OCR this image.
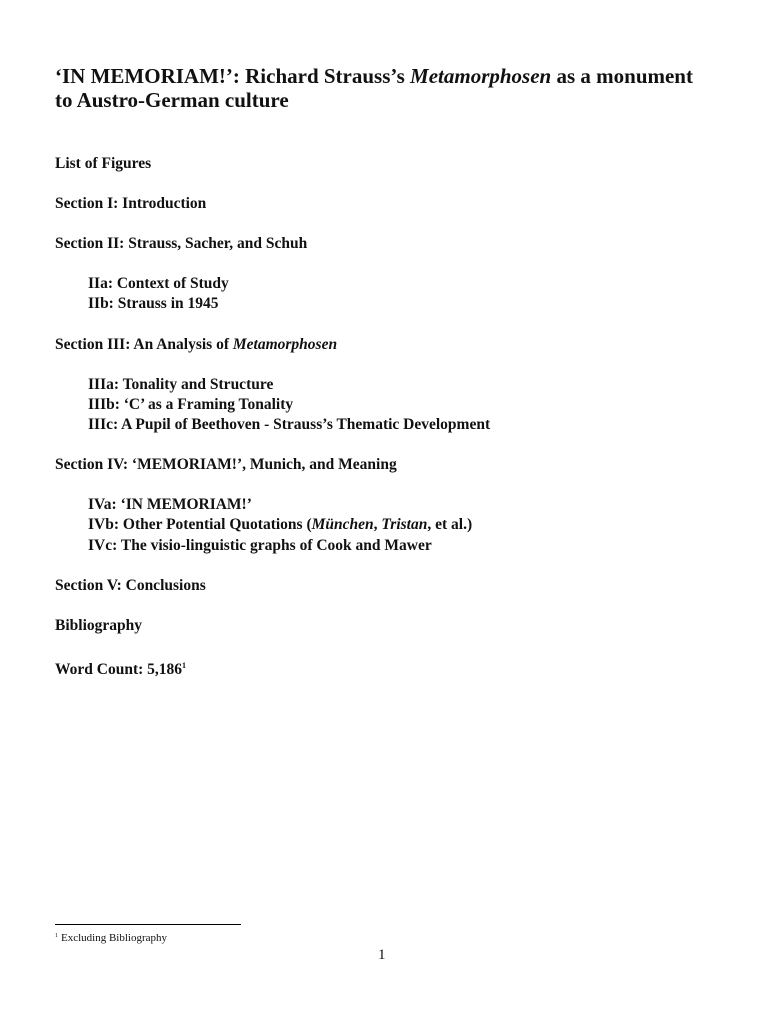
‘IN MEMORIAM!’: Richard Strauss’s Metamorphosen as a monument to Austro-German culture
List of Figures
Section I: Introduction
Section II: Strauss, Sacher, and Schuh
IIa: Context of Study
IIb: Strauss in 1945
Section III: An Analysis of Metamorphosen
IIIa: Tonality and Structure
IIIb: ‘C’ as a Framing Tonality
IIIc: A Pupil of Beethoven - Strauss’s Thematic Development
Section IV: ‘MEMORIAM!’, Munich, and Meaning
IVa: ‘IN MEMORIAM!’
IVb: Other Potential Quotations (München, Tristan, et al.)
IVc: The visio-linguistic graphs of Cook and Mawer
Section V: Conclusions
Bibliography
Word Count: 5,186$^1$
$^1$ Excluding Bibliography
1
